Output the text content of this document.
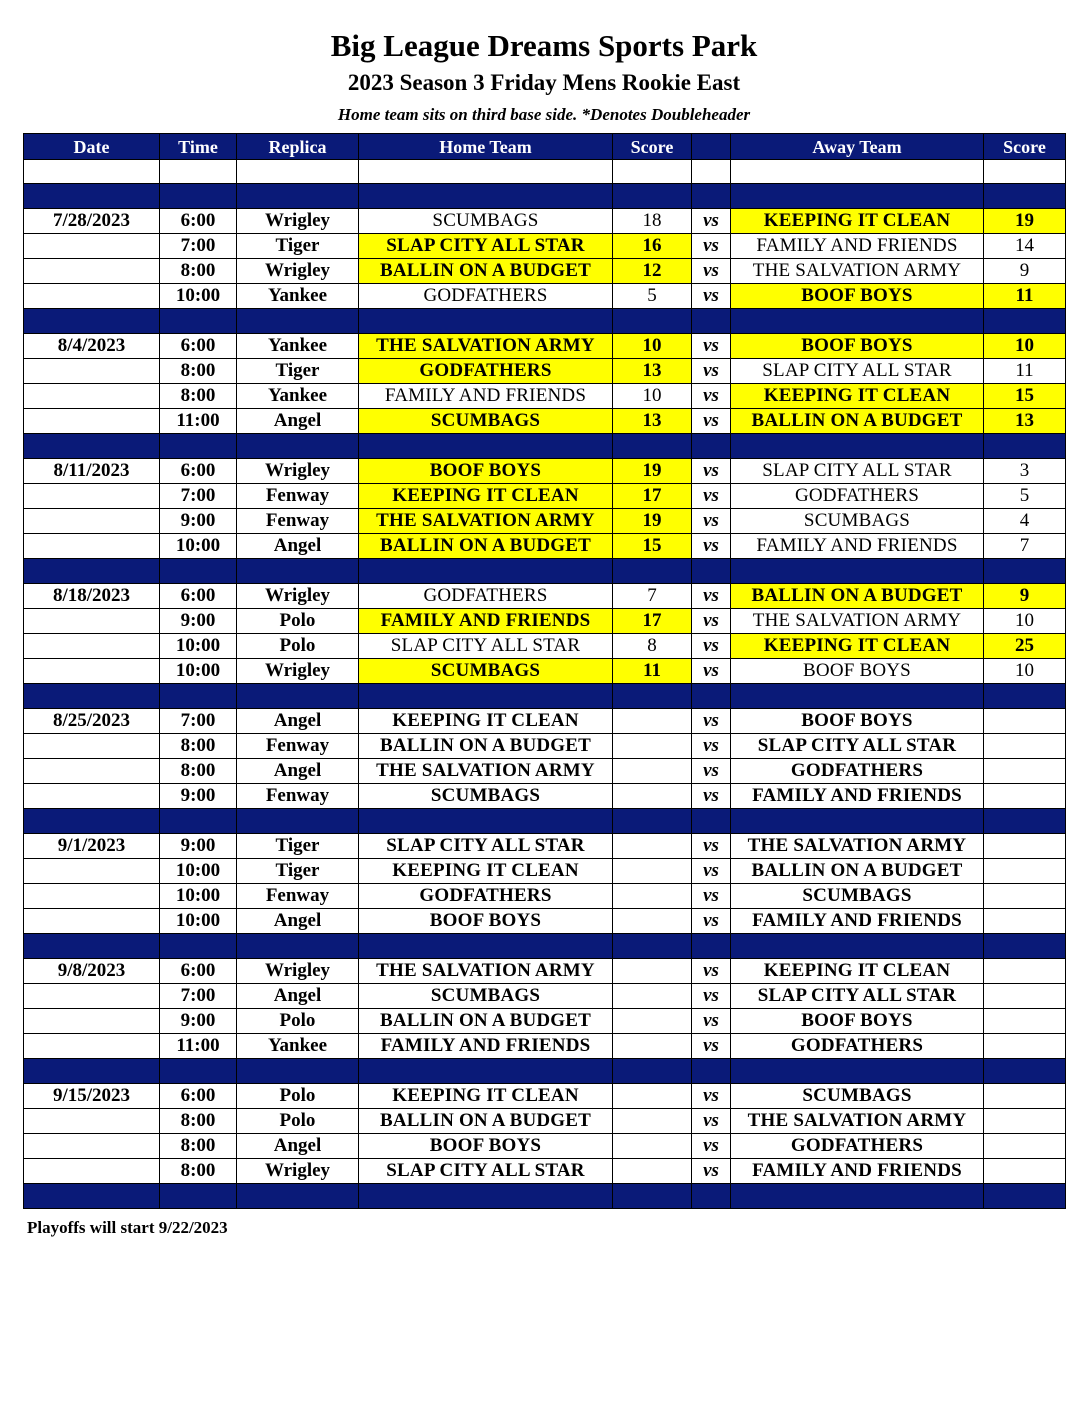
Big League Dreams Sports Park
2023 Season 3 Friday Mens Rookie East
Home team sits on third base side. *Denotes Doubleheader
Date	Time	Replica	Home Team	Score		Away Team	Score

7/28/2023	6:00	Wrigley	SCUMBAGS	18	vs	KEEPING IT CLEAN	19
	7:00	Tiger	SLAP CITY ALL STAR	16	vs	FAMILY AND FRIENDS	14
	8:00	Wrigley	BALLIN ON A BUDGET	12	vs	THE SALVATION ARMY	9
	10:00	Yankee	GODFATHERS	5	vs	BOOF BOYS	11

8/4/2023	6:00	Yankee	THE SALVATION ARMY	10	vs	BOOF BOYS	10
	8:00	Tiger	GODFATHERS	13	vs	SLAP CITY ALL STAR	11
	8:00	Yankee	FAMILY AND FRIENDS	10	vs	KEEPING IT CLEAN	15
	11:00	Angel	SCUMBAGS	13	vs	BALLIN ON A BUDGET	13

8/11/2023	6:00	Wrigley	BOOF BOYS	19	vs	SLAP CITY ALL STAR	3
	7:00	Fenway	KEEPING IT CLEAN	17	vs	GODFATHERS	5
	9:00	Fenway	THE SALVATION ARMY	19	vs	SCUMBAGS	4
	10:00	Angel	BALLIN ON A BUDGET	15	vs	FAMILY AND FRIENDS	7

8/18/2023	6:00	Wrigley	GODFATHERS	7	vs	BALLIN ON A BUDGET	9
	9:00	Polo	FAMILY AND FRIENDS	17	vs	THE SALVATION ARMY	10
	10:00	Polo	SLAP CITY ALL STAR	8	vs	KEEPING IT CLEAN	25
	10:00	Wrigley	SCUMBAGS	11	vs	BOOF BOYS	10

8/25/2023	7:00	Angel	KEEPING IT CLEAN		vs	BOOF BOYS	
	8:00	Fenway	BALLIN ON A BUDGET		vs	SLAP CITY ALL STAR	
	8:00	Angel	THE SALVATION ARMY		vs	GODFATHERS	
	9:00	Fenway	SCUMBAGS		vs	FAMILY AND FRIENDS	

9/1/2023	9:00	Tiger	SLAP CITY ALL STAR		vs	THE SALVATION ARMY	
	10:00	Tiger	KEEPING IT CLEAN		vs	BALLIN ON A BUDGET	
	10:00	Fenway	GODFATHERS		vs	SCUMBAGS	
	10:00	Angel	BOOF BOYS		vs	FAMILY AND FRIENDS	

9/8/2023	6:00	Wrigley	THE SALVATION ARMY		vs	KEEPING IT CLEAN	
	7:00	Angel	SCUMBAGS		vs	SLAP CITY ALL STAR	
	9:00	Polo	BALLIN ON A BUDGET		vs	BOOF BOYS	
	11:00	Yankee	FAMILY AND FRIENDS		vs	GODFATHERS	

9/15/2023	6:00	Polo	KEEPING IT CLEAN		vs	SCUMBAGS	
	8:00	Polo	BALLIN ON A BUDGET		vs	THE SALVATION ARMY	
	8:00	Angel	BOOF BOYS		vs	GODFATHERS	
	8:00	Wrigley	SLAP CITY ALL STAR		vs	FAMILY AND FRIENDS	

Playoffs will start 9/22/2023
